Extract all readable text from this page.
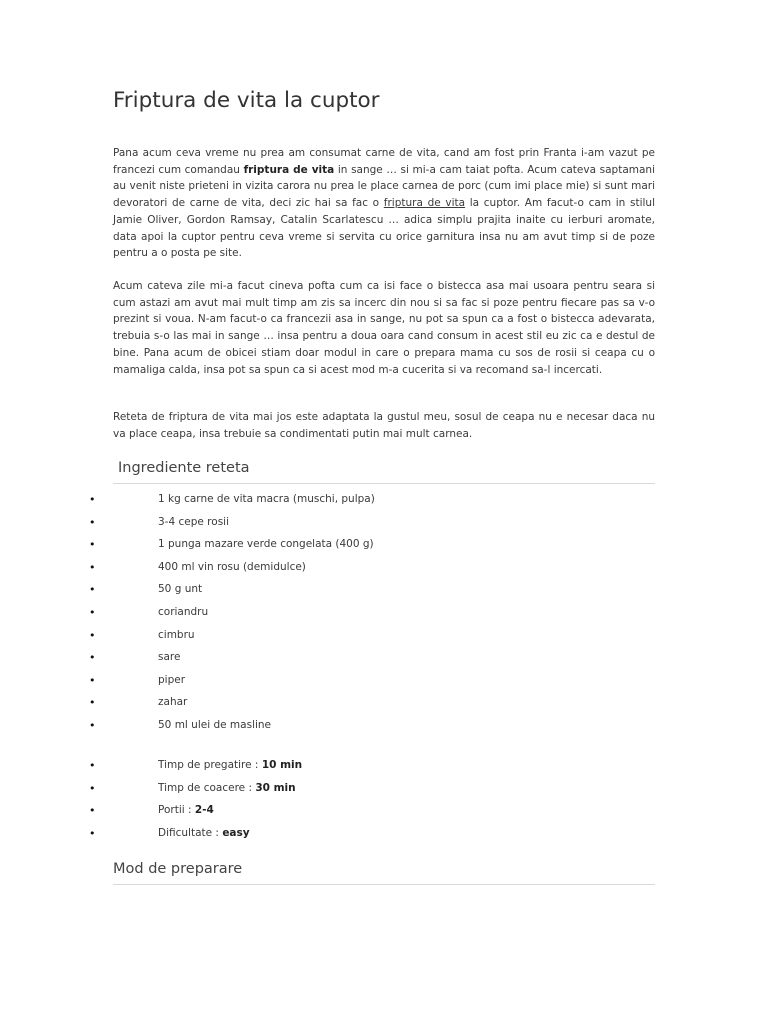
Friptura de vita la cuptor

Pana acum ceva vreme nu prea am consumat carne de vita, cand am fost prin Franta i-am vazut pe francezi cum comandau friptura de vita in sange … si mi-a cam taiat pofta. Acum cateva saptamani au venit niste prieteni in vizita carora nu prea le place carnea de porc (cum imi place mie) si sunt mari devoratori de carne de vita, deci zic hai sa fac o friptura de vita la cuptor. Am facut-o cam in stilul Jamie Oliver, Gordon Ramsay, Catalin Scarlatescu … adica simplu prajita inaite cu ierburi aromate, data apoi la cuptor pentru ceva vreme si servita cu orice garnitura insa nu am avut timp si de poze pentru a o posta pe site.

Acum cateva zile mi-a facut cineva pofta cum ca isi face o bistecca asa mai usoara pentru seara si cum astazi am avut mai mult timp am zis sa incerc din nou si sa fac si poze pentru fiecare pas sa v-o prezint si voua. N-am facut-o ca francezii asa in sange, nu pot sa spun ca a fost o bistecca adevarata, trebuia s-o las mai in sange … insa pentru a doua oara cand consum in acest stil eu zic ca e destul de bine. Pana acum de obicei stiam doar modul in care o prepara mama cu sos de rosii si ceapa cu o mamaliga calda, insa pot sa spun ca si acest mod m-a cucerita si va recomand sa-l incercati.

Reteta de friptura de vita mai jos este adaptata la gustul meu, sosul de ceapa nu e necesar daca nu va place ceapa, insa trebuie sa condimentati putin mai mult carnea.

Ingrediente reteta
•	1 kg carne de vita macra (muschi, pulpa)
•	3-4 cepe rosii
•	1 punga mazare verde congelata (400 g)
•	400 ml vin rosu (demidulce)
•	50 g unt
•	coriandru
•	cimbru
•	sare
•	piper
•	zahar
•	50 ml ulei de masline
•	Timp de pregatire : 10 min
•	Timp de coacere : 30 min
•	Portii : 2-4
•	Dificultate : easy
Mod de preparare
